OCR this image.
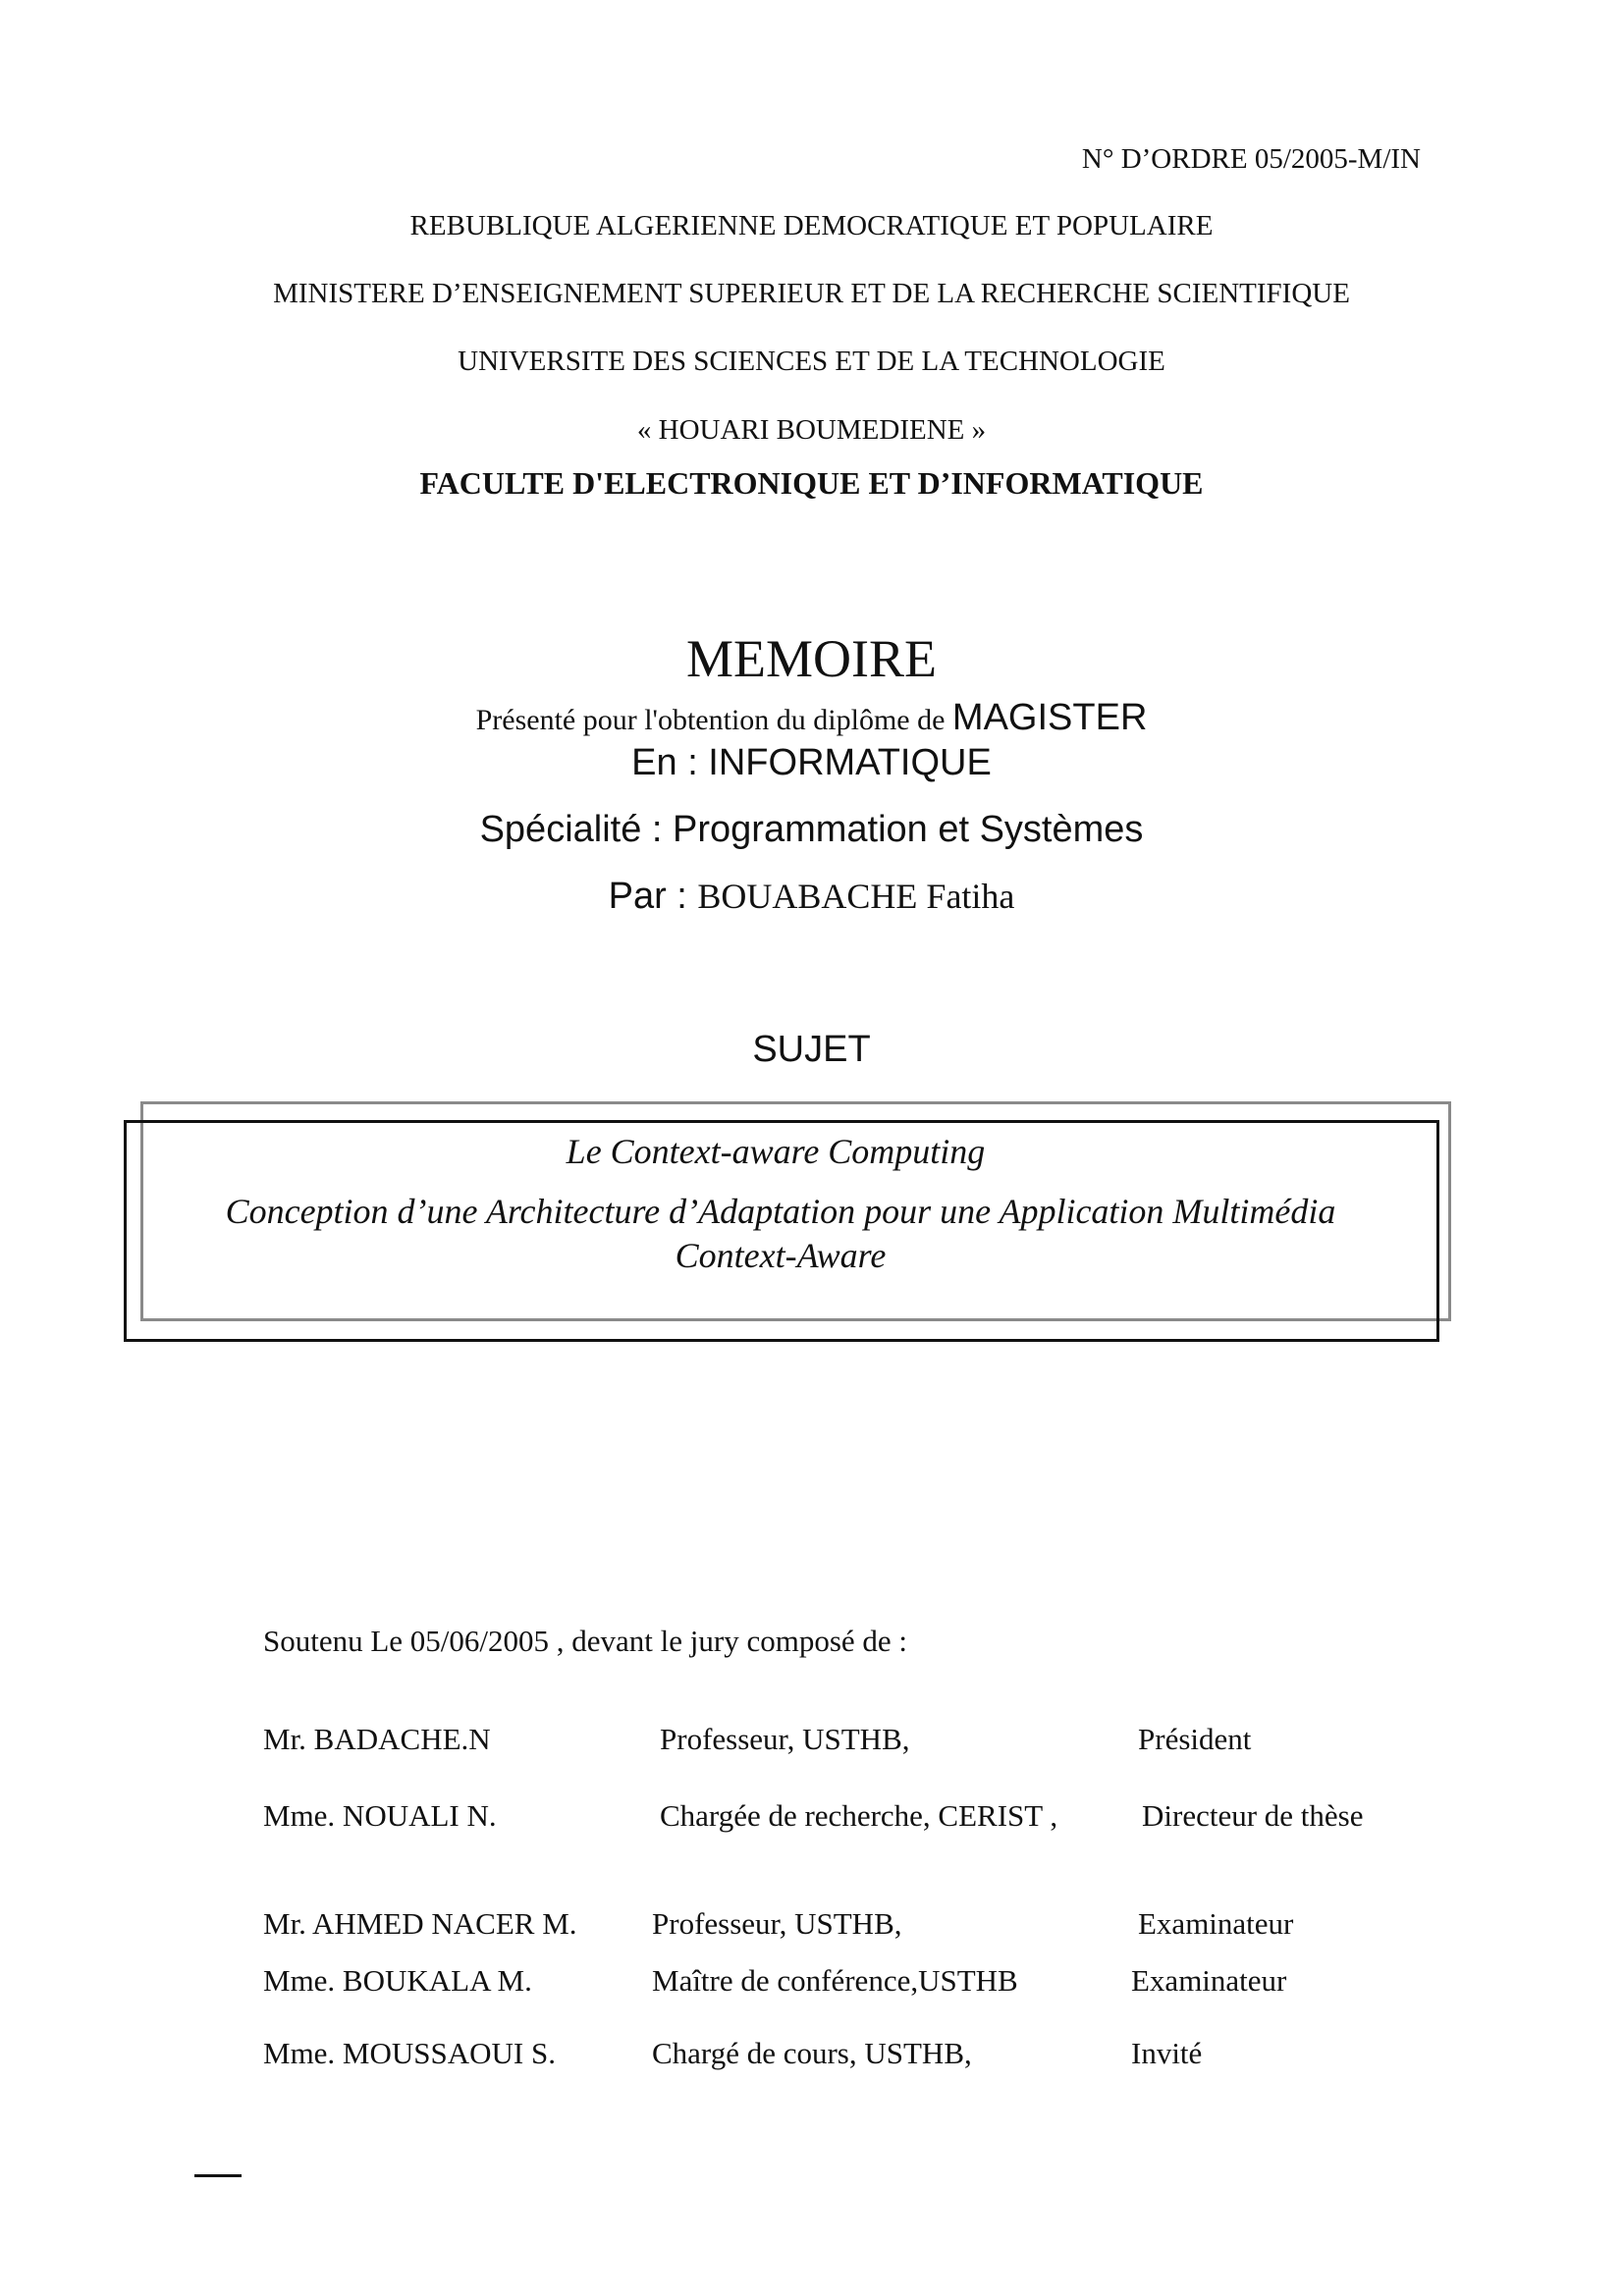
N° D’ORDRE 05/2005-M/IN
REBUBLIQUE ALGERIENNE DEMOCRATIQUE ET POPULAIRE
MINISTERE D’ENSEIGNEMENT SUPERIEUR ET DE LA RECHERCHE SCIENTIFIQUE
UNIVERSITE DES SCIENCES ET DE LA TECHNOLOGIE
« HOUARI BOUMEDIENE »
FACULTE D'ELECTRONIQUE ET D’INFORMATIQUE
MEMOIRE
Présenté pour l'obtention du diplôme de MAGISTER
En : INFORMATIQUE
Spécialité : Programmation et Systèmes
Par : BOUABACHE Fatiha
SUJET
Le Context-aware Computing
Conception d’une Architecture d’Adaptation pour une Application Multimédia
Context-Aware
Soutenu Le 05/06/2005 , devant le jury composé de :
Mr. BADACHE.N	Professeur, USTHB,	Président
Mme. NOUALI N.	Chargée de recherche, CERIST ,	Directeur de thèse
Mr. AHMED NACER M. Professeur, USTHB,	Examinateur
Mme. BOUKALA M.	Maître de conférence,USTHB	Examinateur
Mme. MOUSSAOUI S.	Chargé de cours, USTHB,	Invité
